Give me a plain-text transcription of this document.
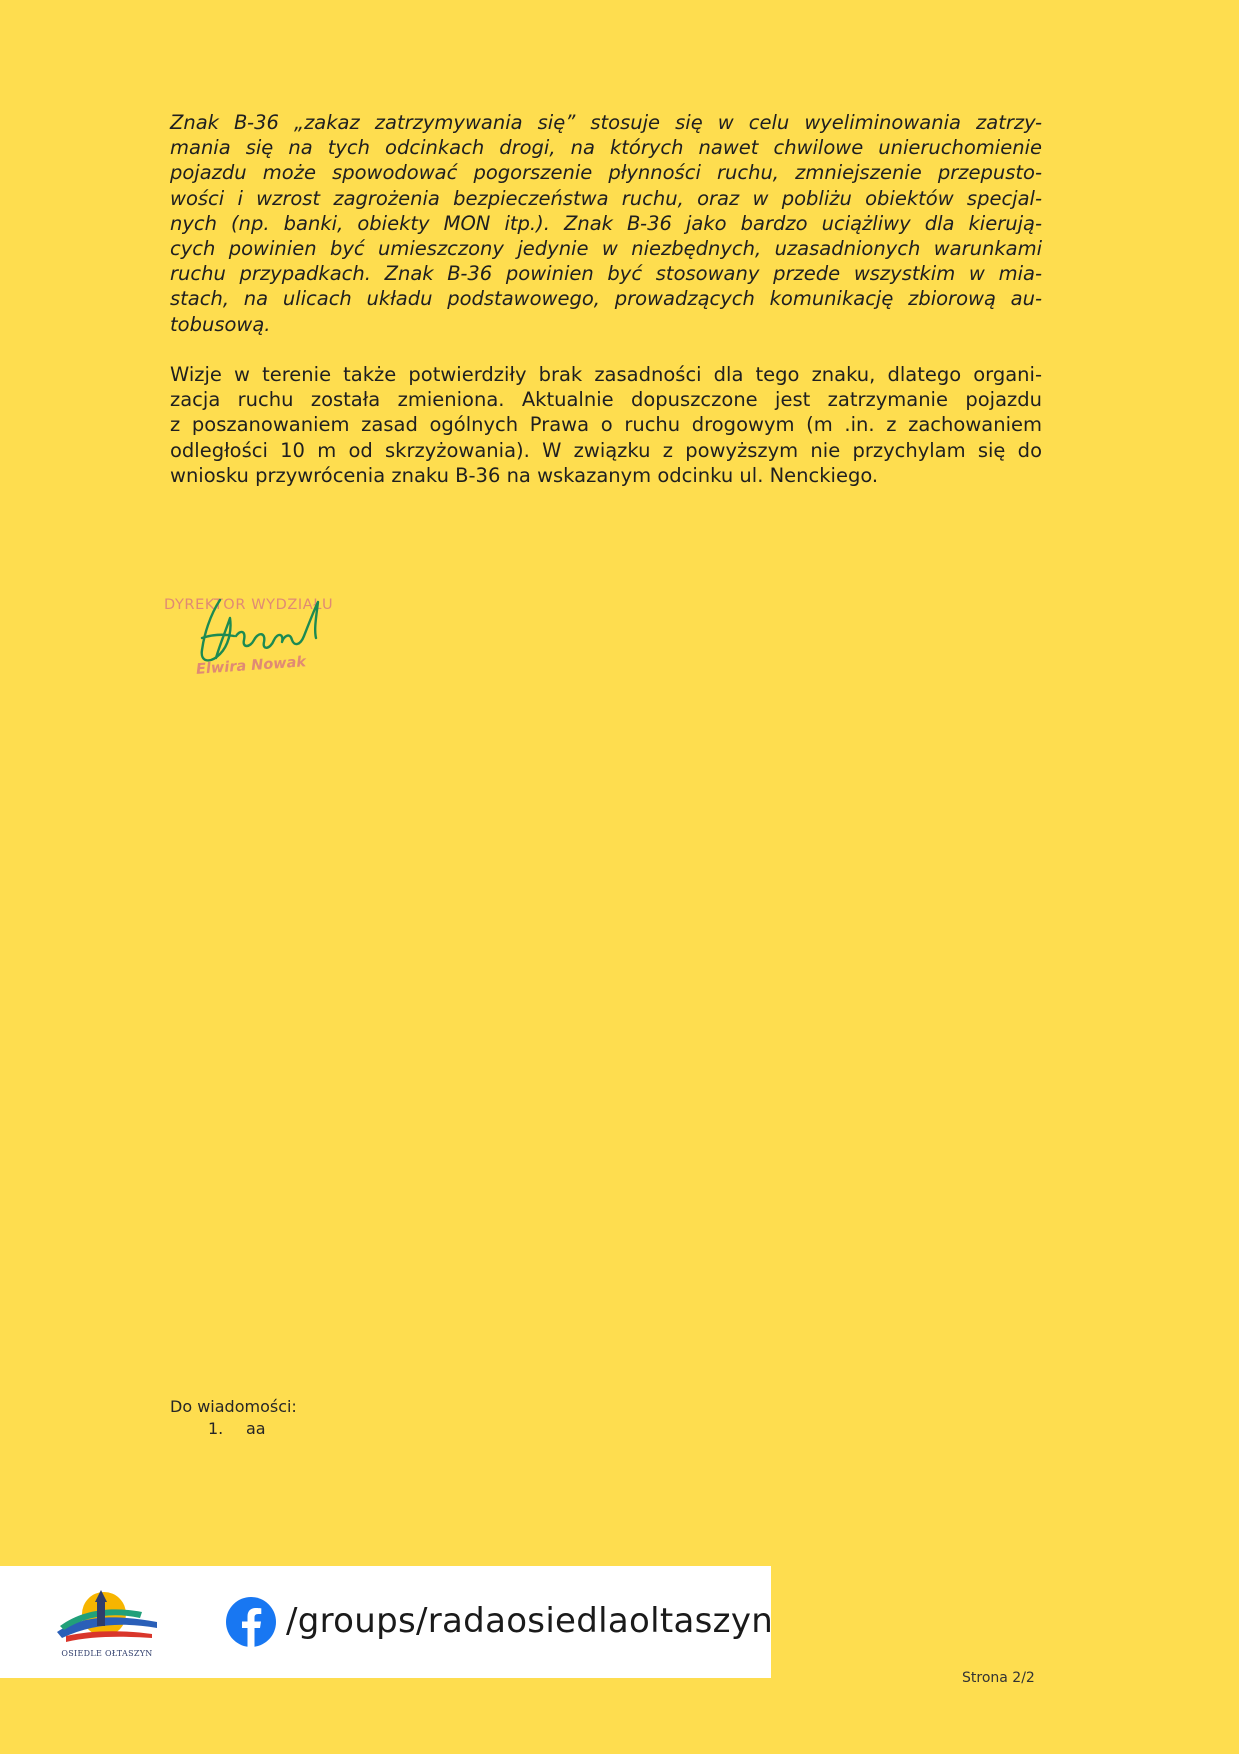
Znak B-36 „zakaz zatrzymywania się” stosuje się w celu wyeliminowania zatrzy-
mania się na tych odcinkach drogi, na których nawet chwilowe unieruchomienie
pojazdu może spowodować pogorszenie płynności ruchu, zmniejszenie przepusto-
wości i wzrost zagrożenia bezpieczeństwa ruchu, oraz w pobliżu obiektów specjal-
nych (np. banki, obiekty MON itp.). Znak B-36 jako bardzo uciążliwy dla kierują-
cych powinien być umieszczony jedynie w niezbędnych, uzasadnionych warunkami
ruchu przypadkach. Znak B-36 powinien być stosowany przede wszystkim w mia-
stach, na ulicach układu podstawowego, prowadzących komunikację zbiorową au-
tobusową.
Wizje w terenie także potwierdziły brak zasadności dla tego znaku, dlatego organi-
zacja ruchu została zmieniona. Aktualnie dopuszczone jest zatrzymanie pojazdu
z poszanowaniem zasad ogólnych Prawa o ruchu drogowym (m .in. z zachowaniem
odległości 10 m od skrzyżowania). W związku z powyższym nie przychylam się do
wniosku przywrócenia znaku B-36 na wskazanym odcinku ul. Nenckiego.
DYREKTOR WYDZIAŁU
Elwira Nowak
Do wiadomości:
1. aa
OSIEDLE OŁTASZYN
/groups/radaosiedlaoltaszyn
Strona 2/2
